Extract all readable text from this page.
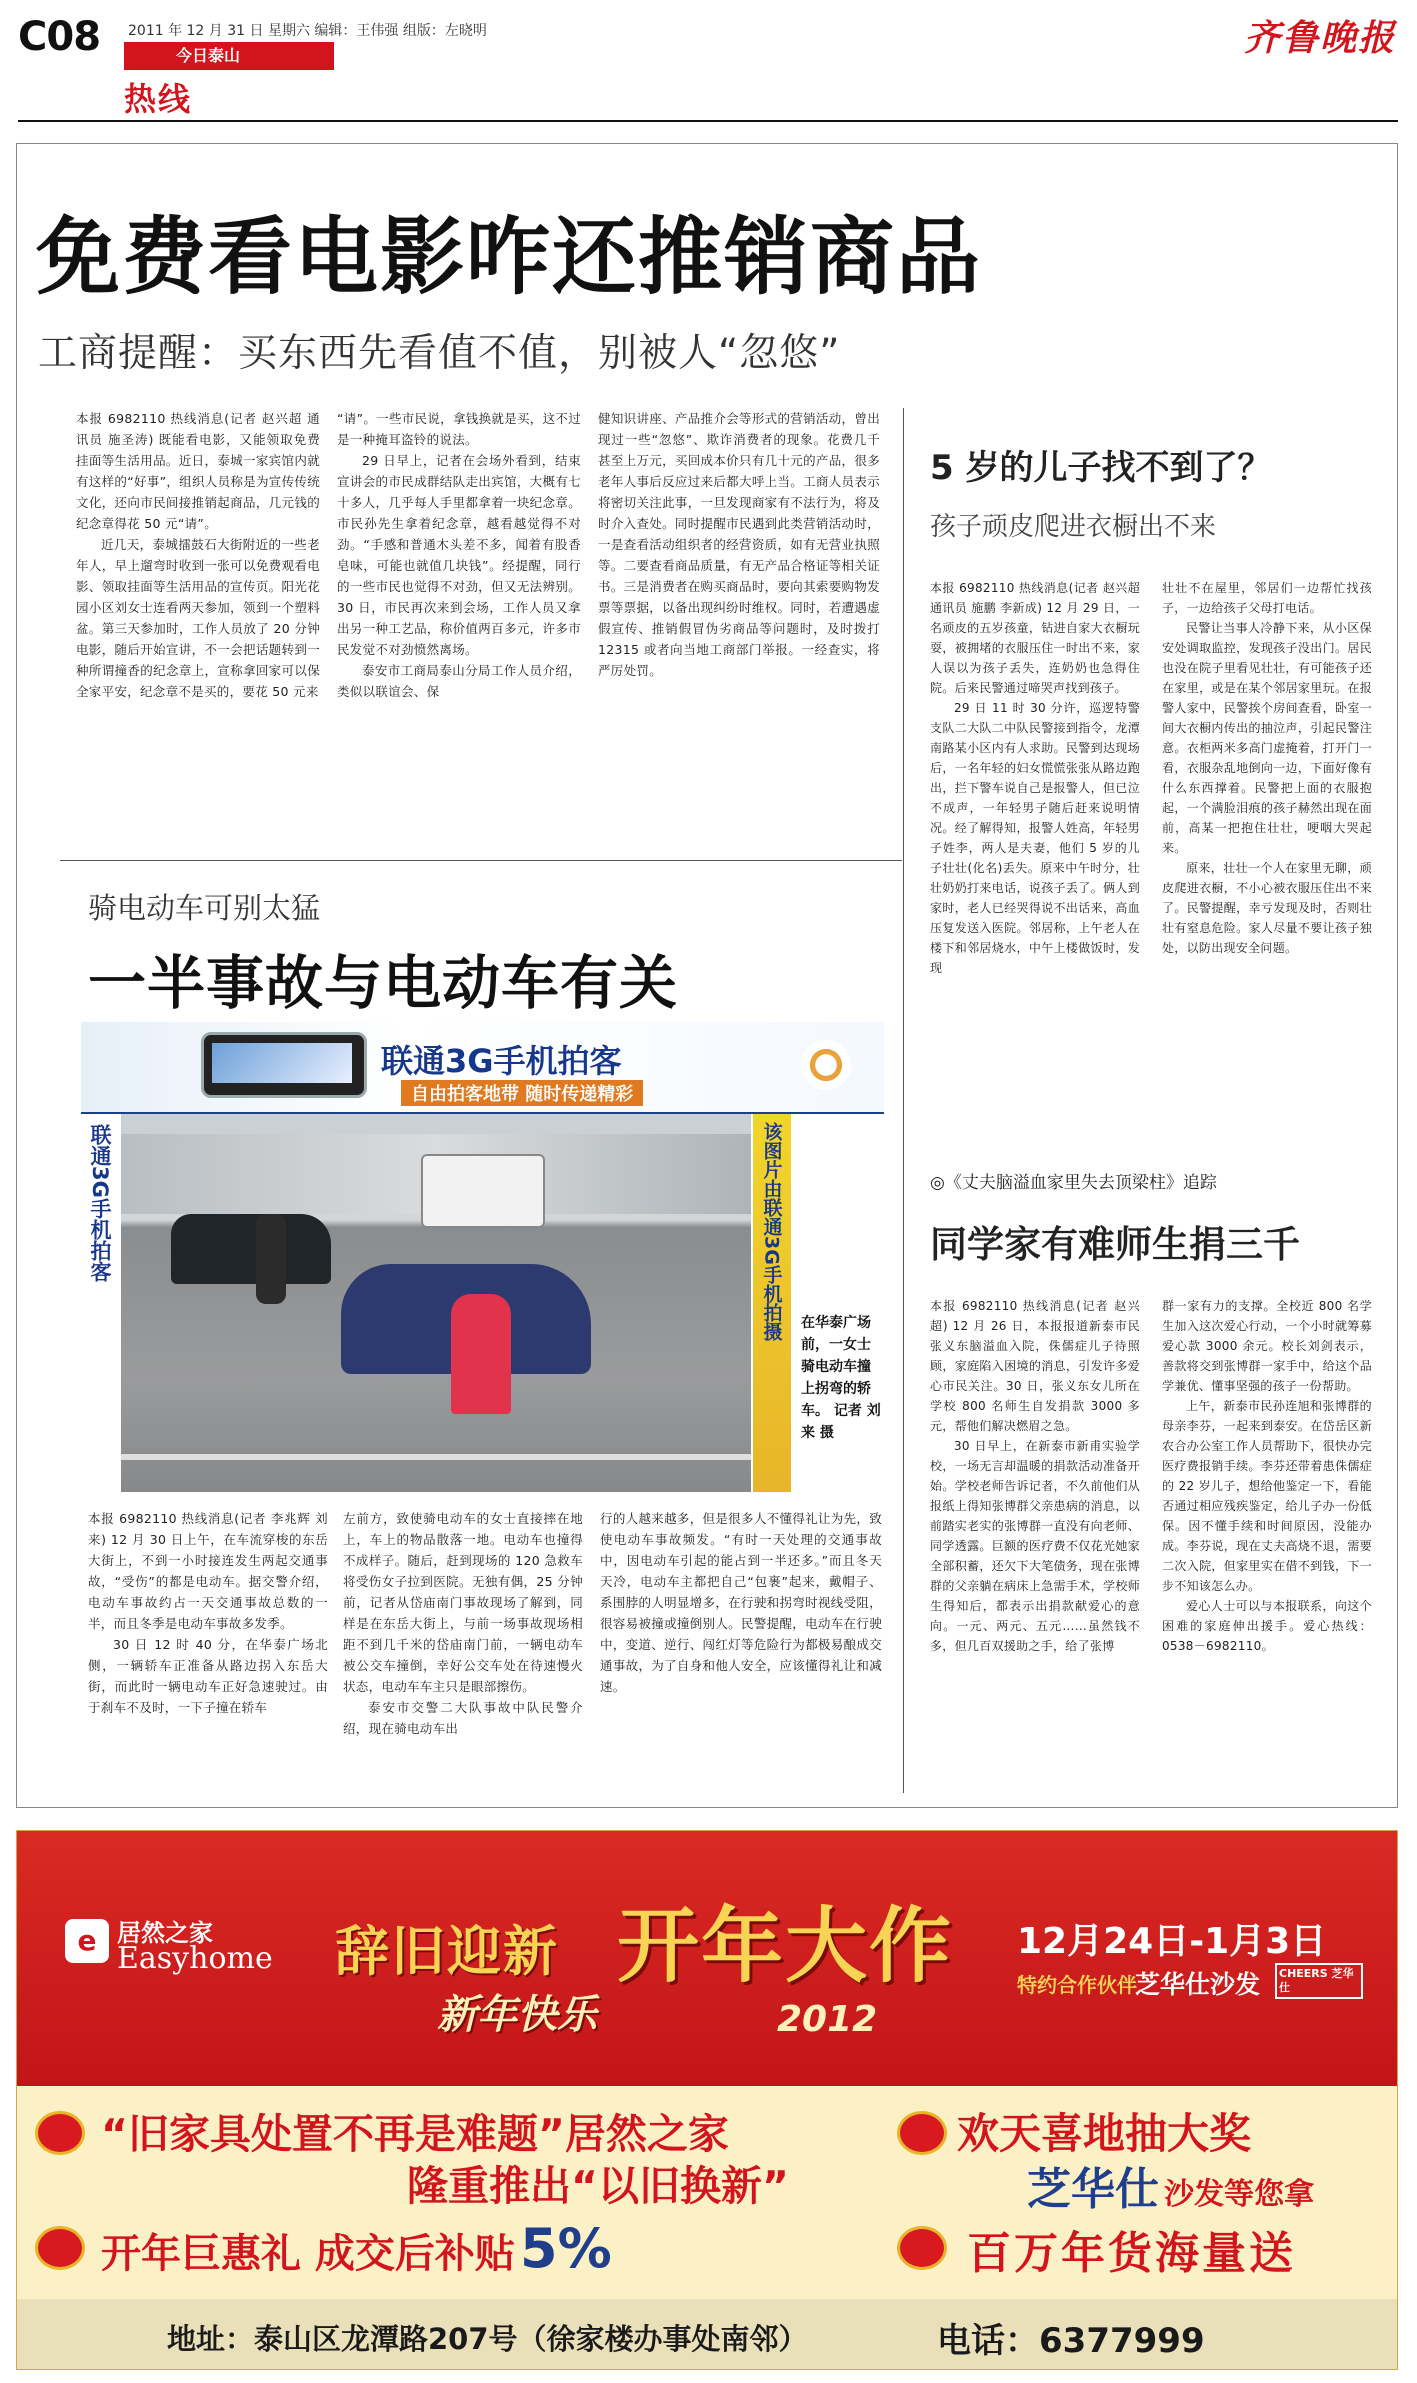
C08 2011 年 12 月 31 日 星期六 编辑：王伟强 组版：左晓明
今日泰山
热线
齐鲁晚报
免费看电影咋还推销商品
工商提醒：买东西先看值不值，别被人“忽悠”

本报 6982110 热线消息(记者 赵兴超 通讯员 施圣涛) 既能看电影，又能领取免费挂面等生活用品。近日，泰城一家宾馆内就有这样的“好事”，组织人员称是为宣传传统文化，还向市民间接推销起商品，几元钱的纪念章得花 50 元“请”。

近几天，泰城擂鼓石大街附近的一些老年人，早上遛弯时收到一张可以免费观看电影、领取挂面等生活用品的宣传页。阳光花园小区刘女士连看两天参加，领到一个塑料盆。第三天参加时，工作人员放了 20 分钟电影，随后开始宣讲，不一会把话题转到一种所谓撞香的纪念章上，宣称拿回家可以保全家平安，纪念章不是买的，要花 50 元来

“请”。一些市民说，拿钱换就是买，这不过是一种掩耳盗铃的说法。

29 日早上，记者在会场外看到，结束宣讲会的市民成群结队走出宾馆，大概有七十多人，几乎每人手里都拿着一块纪念章。市民孙先生拿着纪念章，越看越觉得不对劲。“手感和普通木头差不多，闻着有股香皂味，可能也就值几块钱”。经提醒，同行的一些市民也觉得不对劲，但又无法辨别。30 日，市民再次来到会场，工作人员又拿出另一种工艺品，称价值两百多元，许多市民发觉不对劲愤然离场。

泰安市工商局泰山分局工作人员介绍，类似以联谊会、保

健知识讲座、产品推介会等形式的营销活动，曾出现过一些“忽悠”、欺诈消费者的现象。花费几千甚至上万元，买回成本价只有几十元的产品，很多老年人事后反应过来后都大呼上当。工商人员表示将密切关注此事，一旦发现商家有不法行为，将及时介入查处。同时提醒市民遇到此类营销活动时，一是查看活动组织者的经营资质，如有无营业执照等。二要查看商品质量，有无产品合格证等相关证书。三是消费者在购买商品时，要向其索要购物发票等票据，以备出现纠纷时维权。同时，若遭遇虚假宣传、推销假冒伪劣商品等问题时，及时拨打 12315 或者向当地工商部门举报。一经查实，将严厉处罚。

5 岁的儿子找不到了？
孩子顽皮爬进衣橱出不来

本报 6982110 热线消息(记者 赵兴超 通讯员 施鹏 李新成) 12 月 29 日，一名顽皮的五岁孩童，钻进自家大衣橱玩耍，被拥堵的衣服压住一时出不来，家人误以为孩子丢失，连奶奶也急得住院。后来民警通过啼哭声找到孩子。

29 日 11 时 30 分许，巡逻特警支队二大队二中队民警接到指令，龙潭南路某小区内有人求助。民警到达现场后，一名年轻的妇女慌慌张张从路边跑出，拦下警车说自己是报警人，但已泣不成声，一年轻男子随后赶来说明情况。经了解得知，报警人姓高，年轻男子姓李，两人是夫妻，他们 5 岁的儿子壮壮(化名)丢失。原来中午时分，壮壮奶奶打来电话，说孩子丢了。俩人到家时，老人已经哭得说不出话来，高血压复发送入医院。邻居称，上午老人在楼下和邻居烧水，中午上楼做饭时，发现

壮壮不在屋里，邻居们一边帮忙找孩子，一边给孩子父母打电话。

民警让当事人冷静下来，从小区保安处调取监控，发现孩子没出门。居民也没在院子里看见壮壮，有可能孩子还在家里，或是在某个邻居家里玩。在报警人家中，民警挨个房间查看，卧室一间大衣橱内传出的抽泣声，引起民警注意。衣柜两米多高门虚掩着，打开门一看，衣服杂乱地倒向一边，下面好像有什么东西撑着。民警把上面的衣服抱起，一个满脸泪痕的孩子赫然出现在面前，高某一把抱住壮壮，哽咽大哭起来。

原来，壮壮一个人在家里无聊，顽皮爬进衣橱，不小心被衣服压住出不来了。民警提醒，幸亏发现及时，否则壮壮有窒息危险。家人尽量不要让孩子独处，以防出现安全问题。

◎《丈夫脑溢血家里失去顶梁柱》追踪
同学家有难师生捐三千

本报 6982110 热线消息(记者 赵兴超) 12 月 26 日，本报报道新泰市民张义东脑溢血入院，侏儒症儿子待照顾，家庭陷入困境的消息，引发许多爱心市民关注。30 日，张义东女儿所在学校 800 名师生自发捐款 3000 多元，帮他们解决燃眉之急。

30 日早上，在新泰市新甫实验学校，一场无言却温暖的捐款活动准备开始。学校老师告诉记者，不久前他们从报纸上得知张博群父亲患病的消息，以前踏实老实的张博群一直没有向老师、同学透露。巨额的医疗费不仅花光她家全部积蓄，还欠下大笔债务，现在张博群的父亲躺在病床上急需手术，学校师生得知后，都表示出捐款献爱心的意向。一元、两元、五元……虽然钱不多，但几百双援助之手，给了张博

群一家有力的支撑。全校近 800 名学生加入这次爱心行动，一个小时就筹募爱心款 3000 余元。校长刘剑表示，善款将交到张博群一家手中，给这个品学兼优、懂事坚强的孩子一份帮助。

上午，新泰市民孙连旭和张博群的母亲李芬，一起来到泰安。在岱岳区新农合办公室工作人员帮助下，很快办完医疗费报销手续。李芬还带着患侏儒症的 22 岁儿子，想给他鉴定一下，看能否通过相应残疾鉴定，给儿子办一份低保。因不懂手续和时间原因，没能办成。李芬说，现在丈夫高烧不退，需要二次入院，但家里实在借不到钱，下一步不知该怎么办。

爱心人士可以与本报联系，向这个困难的家庭伸出援手。爱心热线：0538－6982110。

骑电动车可别太猛
一半事故与电动车有关
联通3G手机拍客
自由拍客地带 随时传递精彩
联通3G手机拍客	该图片由联通3G手机拍摄 在华泰广场前，一女士骑电动车撞上拐弯的轿车。 记者 刘来 摄

本报 6982110 热线消息(记者 李兆辉 刘来) 12 月 30 日上午，在车流穿梭的东岳大街上，不到一小时接连发生两起交通事故，“受伤”的都是电动车。据交警介绍，电动车事故约占一天交通事故总数的一半，而且冬季是电动车事故多发季。

30 日 12 时 40 分，在华泰广场北侧，一辆轿车正准备从路边拐入东岳大街，而此时一辆电动车正好急速驶过。由于刹车不及时，一下子撞在轿车

左前方，致使骑电动车的女士直接摔在地上，车上的物品散落一地。电动车也撞得不成样子。随后，赶到现场的 120 急救车将受伤女子拉到医院。无独有偶，25 分钟前，记者从岱庙南门事故现场了解到，同样是在东岳大街上，与前一场事故现场相距不到几千米的岱庙南门前，一辆电动车被公交车撞倒，幸好公交车处在待速慢火状态，电动车车主只是眼部擦伤。

泰安市交警二大队事故中队民警介绍，现在骑电动车出

行的人越来越多，但是很多人不懂得礼让为先，致使电动车事故频发。“有时一天处理的交通事故中，因电动车引起的能占到一半还多。”而且冬天天冷，电动车主都把自己“包裹”起来，戴帽子、系围脖的人明显增多，在行驶和拐弯时视线受阻，很容易被撞或撞倒别人。民警提醒，电动车在行驶中，变道、逆行、闯红灯等危险行为都极易酿成交通事故，为了自身和他人安全，应该懂得礼让和减速。

e 居然之家
Easyhome 辞旧迎新 开年大作
新年快乐	2012
12月24日-1月3日
特约合作伙伴
芝华仕沙发	CHEERS 芝华仕
“旧家具处置不再是难题”居然之家
隆重推出“以旧换新”
开年巨惠礼 成交后补贴 5%
欢天喜地抽大奖
芝华仕 沙发等您拿
百万年货海量送
地址：泰山区龙潭路207号（徐家楼办事处南邻）	电话：6377999
